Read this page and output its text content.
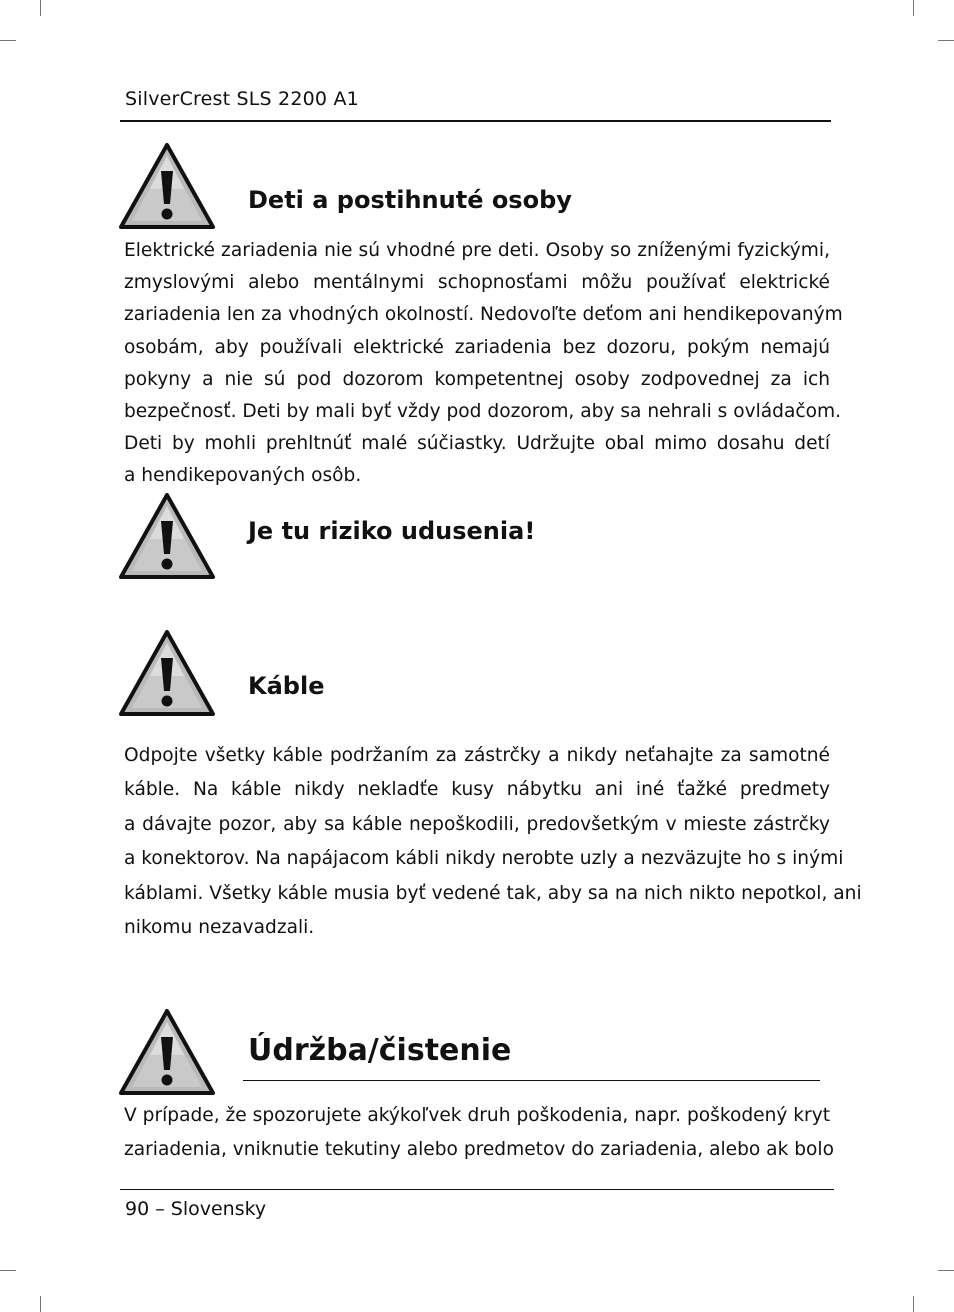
SilverCrest SLS 2200 A1
Deti a postihnuté osoby
Elektrické zariadenia nie sú vhodné pre deti. Osoby so zníženými fyzickými,
zmyslovými alebo mentálnymi schopnosťami môžu používať elektrické
zariadenia len za vhodných okolností. Nedovoľte deťom ani hendikepovaným
osobám, aby používali elektrické zariadenia bez dozoru, pokým nemajú
pokyny a nie sú pod dozorom kompetentnej osoby zodpovednej za ich
bezpečnosť. Deti by mali byť vždy pod dozorom, aby sa nehrali s ovládačom.
Deti by mohli prehltnúť malé súčiastky. Udržujte obal mimo dosahu detí
a hendikepovaných osôb.
Je tu riziko udusenia!
Káble
Odpojte všetky káble podržaním za zástrčky a nikdy neťahajte za samotné
káble. Na káble nikdy nekladťe kusy nábytku ani iné ťažké predmety
a dávajte pozor, aby sa káble nepoškodili, predovšetkým v mieste zástrčky
a konektorov. Na napájacom kábli nikdy nerobte uzly a nezväzujte ho s inými
káblami. Všetky káble musia byť vedené tak, aby sa na nich nikto nepotkol, ani
nikomu nezavadzali.
Údržba/čistenie
V prípade, že spozorujete akýkoľvek druh poškodenia, napr. poškodený kryt
zariadenia, vniknutie tekutiny alebo predmetov do zariadenia, alebo ak bolo
90 – Slovensky
